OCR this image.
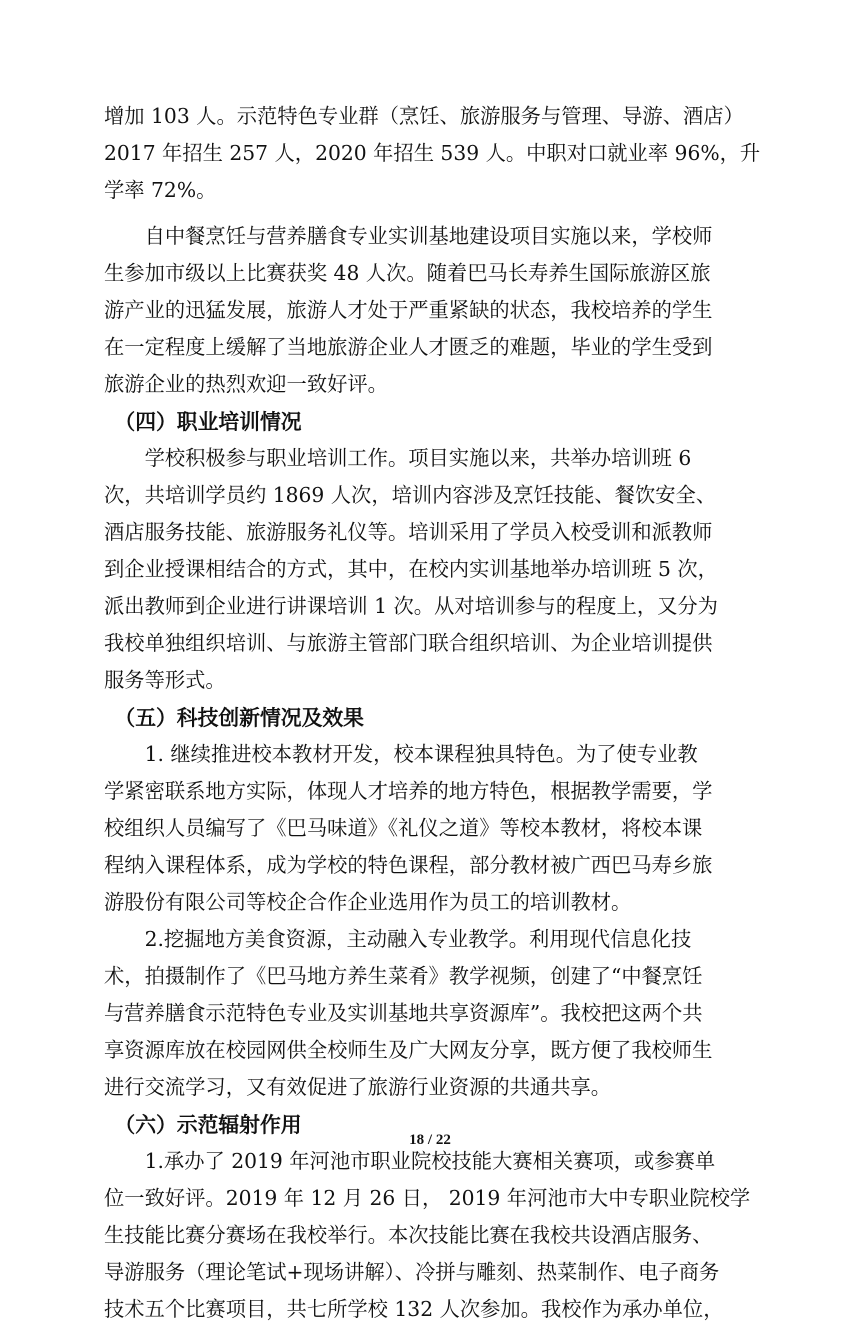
增加 103 人。示范特色专业群（烹饪、旅游服务与管理、导游、酒店）
2017 年招生 257 人，2020 年招生 539 人。中职对口就业率 96%，升
学率 72%。
　　自中餐烹饪与营养膳食专业实训基地建设项目实施以来，学校师
生参加市级以上比赛获奖 48 人次。随着巴马长寿养生国际旅游区旅
游产业的迅猛发展，旅游人才处于严重紧缺的状态，我校培养的学生
在一定程度上缓解了当地旅游企业人才匮乏的难题，毕业的学生受到
旅游企业的热烈欢迎一致好评。
　（四）职业培训情况
　　学校积极参与职业培训工作。项目实施以来，共举办培训班 6
次，共培训学员约 1869 人次，培训内容涉及烹饪技能、餐饮安全、
酒店服务技能、旅游服务礼仪等。培训采用了学员入校受训和派教师
到企业授课相结合的方式，其中，在校内实训基地举办培训班 5 次，
派出教师到企业进行讲课培训 1 次。从对培训参与的程度上，又分为
我校单独组织培训、与旅游主管部门联合组织培训、为企业培训提供
服务等形式。
　（五）科技创新情况及效果
　　1. 继续推进校本教材开发，校本课程独具特色。为了使专业教
学紧密联系地方实际，体现人才培养的地方特色，根据教学需要，学
校组织人员编写了《巴马味道》《礼仪之道》等校本教材，将校本课
程纳入课程体系，成为学校的特色课程，部分教材被广西巴马寿乡旅
游股份有限公司等校企合作企业选用作为员工的培训教材。
　　2.挖掘地方美食资源，主动融入专业教学。利用现代信息化技
术，拍摄制作了《巴马地方养生菜肴》教学视频，创建了“中餐烹饪
与营养膳食示范特色专业及实训基地共享资源库”。我校把这两个共
享资源库放在校园网供全校师生及广大网友分享，既方便了我校师生
进行交流学习，又有效促进了旅游行业资源的共通共享。
　（六）示范辐射作用
　　1.承办了 2019 年河池市职业院校技能大赛相关赛项，或参赛单
位一致好评。2019 年 12 月 26 日， 2019 年河池市大中专职业院校学
生技能比赛分赛场在我校举行。本次技能比赛在我校共设酒店服务、
导游服务（理论笔试+现场讲解）、冷拼与雕刻、热菜制作、电子商务
技术五个比赛项目，共七所学校 132 人次参加。我校作为承办单位，
18 / 22
